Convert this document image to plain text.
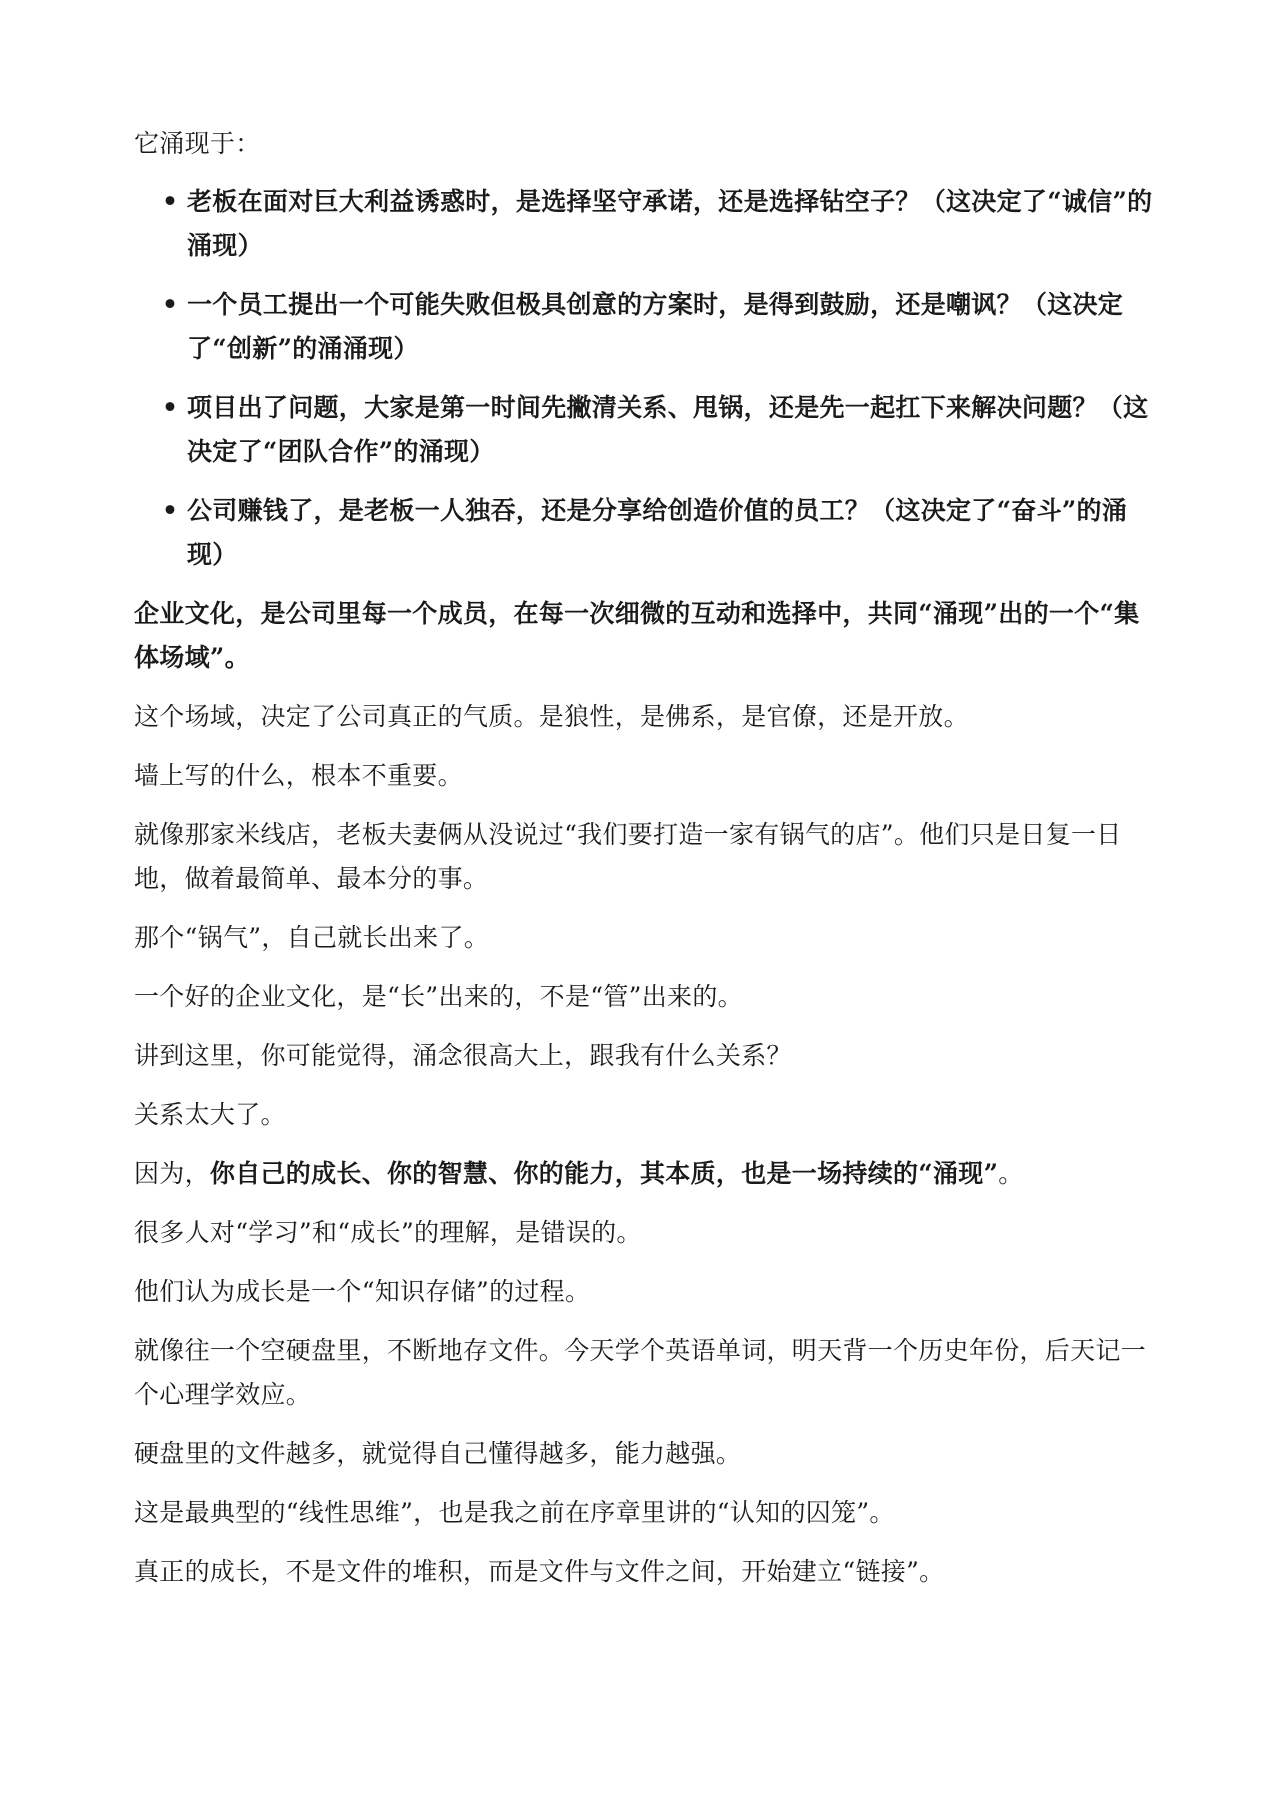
它涌现于：

• 老板在面对巨大利益诱惑时，是选择坚守承诺，还是选择钻空子？（这决定了“诚信”的涌现）
• 一个员工提出一个可能失败但极具创意的方案时，是得到鼓励，还是嘲讽？（这决定了“创新”的涌涌现）
• 项目出了问题，大家是第一时间先撇清关系、甩锅，还是先一起扛下来解决问题？（这决定了“团队合作”的涌现）
• 公司赚钱了，是老板一人独吞，还是分享给创造价值的员工？（这决定了“奋斗”的涌现）

企业文化，是公司里每一个成员，在每一次细微的互动和选择中，共同“涌现”出的一个“集体场域”。

这个场域，决定了公司真正的气质。是狼性，是佛系，是官僚，还是开放。

墙上写的什么，根本不重要。

就像那家米线店，老板夫妻俩从没说过“我们要打造一家有锅气的店”。他们只是日复一日地，做着最简单、最本分的事。

那个“锅气”，自己就长出来了。

一个好的企业文化，是“长”出来的，不是“管”出来的。

讲到这里，你可能觉得，涌念很高大上，跟我有什么关系？

关系太大了。

因为，你自己的成长、你的智慧、你的能力，其本质，也是一场持续的“涌现”。

很多人对“学习”和“成长”的理解，是错误的。

他们认为成长是一个“知识存储”的过程。

就像往一个空硬盘里，不断地存文件。今天学个英语单词，明天背一个历史年份，后天记一个心理学效应。

硬盘里的文件越多，就觉得自己懂得越多，能力越强。

这是最典型的“线性思维”，也是我之前在序章里讲的“认知的囚笼”。

真正的成长，不是文件的堆积，而是文件与文件之间，开始建立“链接”。
